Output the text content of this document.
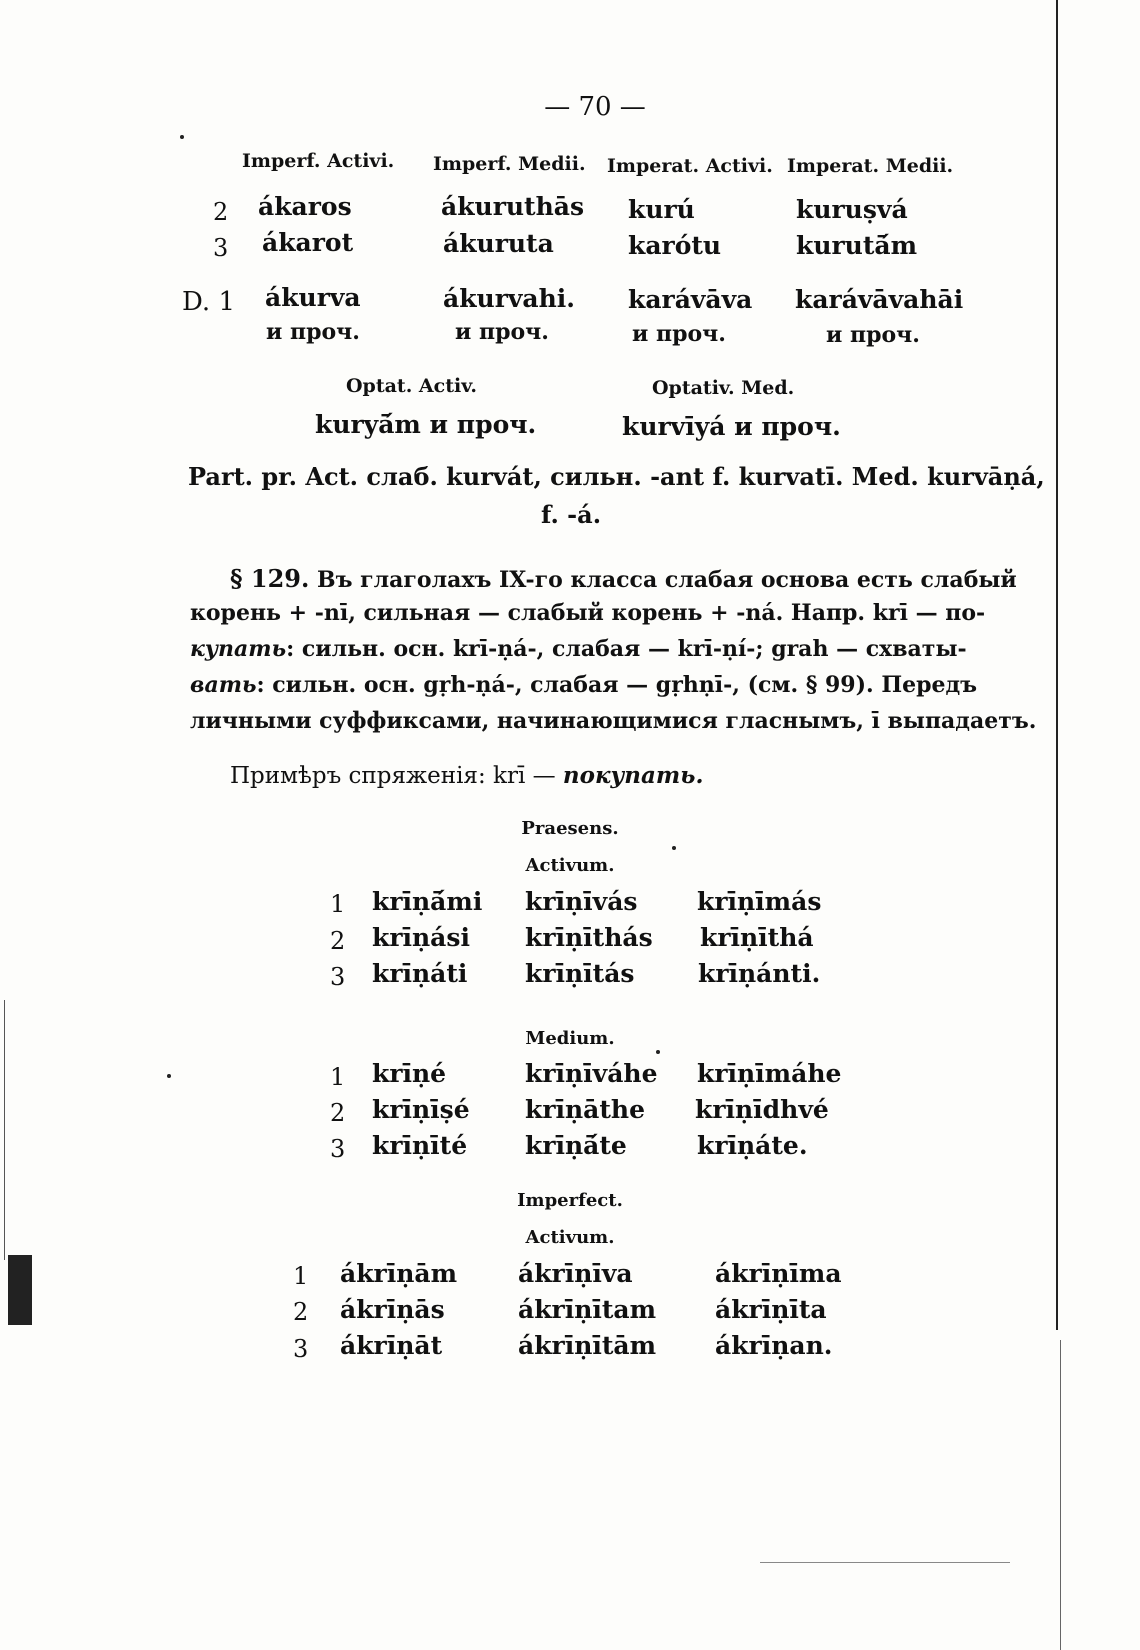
— 70 —
Imperf. Activi. Imperf. Medii. Imperat. Activi. Imperat. Medii.
2 ákaros	ákuruthās kurú	kuruṣvá
3 ákarot	ákuruta	karótu	kurutā́m
D. 1 ákurva	ákurvahi. karávāva karávāvahāi
и проч.	и проч.	и проч.	и проч.
Optat. Activ.
kuryā́m и проч.
Optativ. Med.
kurvīyá и проч.
Part. pr. Act. слаб. kurvát, сильн. -ant f. kurvatī. Med. kurvāṇá,
f. -á.
§ 129. Въ глаголахъ IX-го класса слабая основа есть слабый
корень + -nī, сильная — слабый корень + -ná. Напр. krī — по-
купать: сильн. осн. krī-ṇá-, слабая — krī-ṇí-; grah — схваты-
вать: сильн. осн. gṛh-ṇá-, слабая — gṛhṇī-, (см. § 99). Передъ
личными суффиксами, начинающимися гласнымъ, ī выпадаетъ.
Примѣръ спряженія: krī — покупать.
Praesens.
Activum.
1 krīṇā́mi krīṇīvás krīṇīmás
2 krīṇási krīṇīthás krīṇīthá
3 krīṇáti krīṇītás	krīṇánti.
Medium.
1 krīṇé	krīṇīváhe krīṇīmáhe
2 krīṇīṣé krīṇāthe krīṇīdhvé
3 krīṇīté krīṇā́te	krīṇáte.
Imperfect.
Activum.
1 ákrīṇām ákrīṇīva	ákrīṇīma
2 ákrīṇās	ákrīṇītam ákrīṇīta
3 ákrīṇāt	ákrīṇītām ákrīṇan.
